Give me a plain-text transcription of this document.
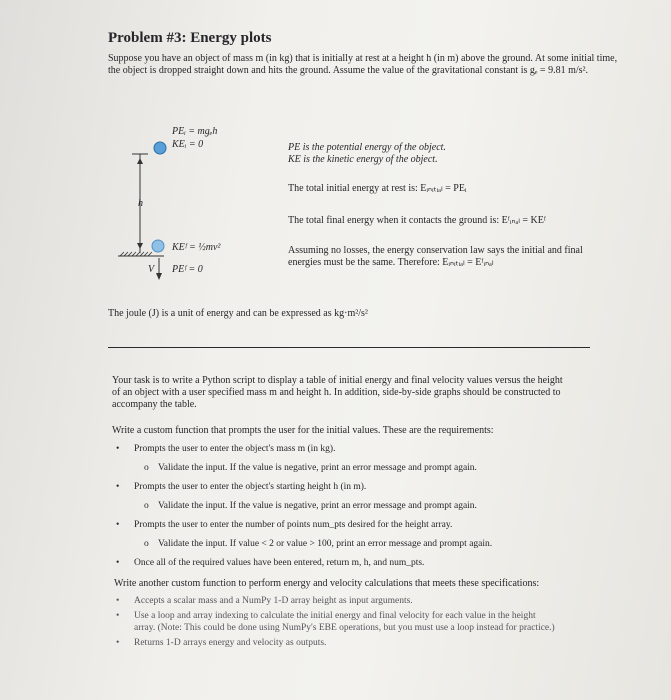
Problem #3: Energy plots
Suppose you have an object of mass m (in kg) that is initially at rest at a height h (in m) above the ground. At some initial time, the object is dropped straight down and hits the ground. Assume the value of the gravitational constant is gₑ = 9.81 m/s².
PEᵢ = mgₑh
KEᵢ = 0
h
KEᶠ = ½mv²
V PEᶠ = 0
PE is the potential energy of the object.
KE is the kinetic energy of the object.
The total initial energy at rest is: Eᵢₙᵢₜᵢₐₗ = PEᵢ
The total final energy when it contacts the ground is: Eᶠᵢₙₐₗ = KEᶠ
Assuming no losses, the energy conservation law says the initial and final energies must be the same. Therefore: Eᵢₙᵢₜᵢₐₗ = Eᶠᵢₙₐₗ
The joule (J) is a unit of energy and can be expressed as kg·m²/s²
Your task is to write a Python script to display a table of initial energy and final velocity values versus the height of an object with a user specified mass m and height h. In addition, side-by-side graphs should be constructed to accompany the table.
Write a custom function that prompts the user for the initial values. These are the requirements:
• Prompts the user to enter the object's mass m (in kg).
o Validate the input. If the value is negative, print an error message and prompt again.
• Prompts the user to enter the object's starting height h (in m).
o Validate the input. If the value is negative, print an error message and prompt again.
• Prompts the user to enter the number of points num_pts desired for the height array.
o Validate the input. If value < 2 or value > 100, print an error message and prompt again.
• Once all of the required values have been entered, return m, h, and num_pts.
Write another custom function to perform energy and velocity calculations that meets these specifications:
• Accepts a scalar mass and a NumPy 1-D array height as input arguments.
• Use a loop and array indexing to calculate the initial energy and final velocity for each value in the height array. (Note: This could be done using NumPy's EBE operations, but you must use a loop instead for practice.)
• Returns 1-D arrays energy and velocity as outputs.
